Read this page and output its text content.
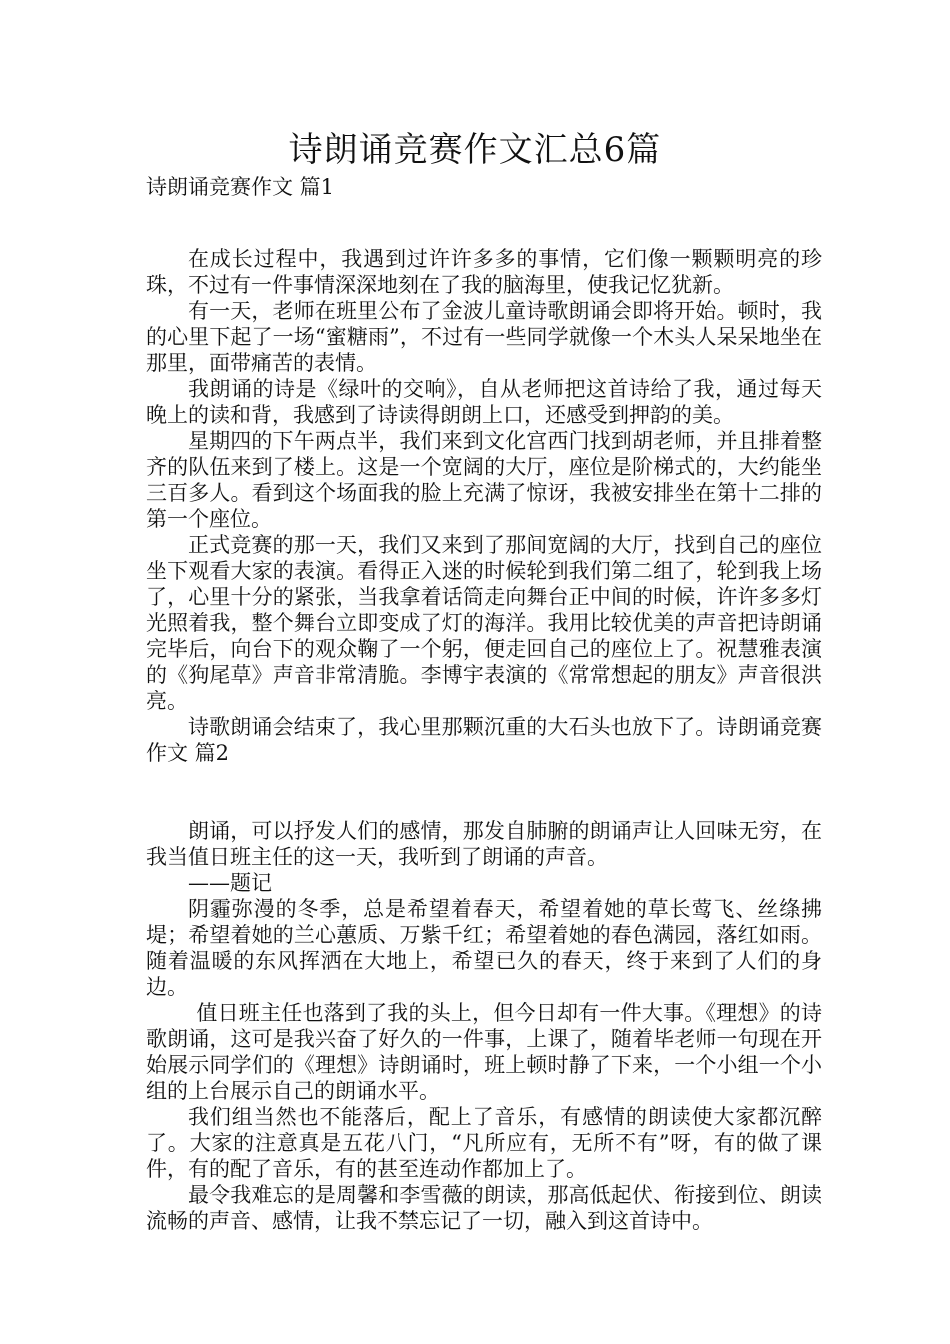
诗朗诵竞赛作文汇总6篇
诗朗诵竞赛作文 篇1

在成长过程中，我遇到过许许多多的事情，它们像一颗颗明亮的珍珠，不过有一件事情深深地刻在了我的脑海里，使我记忆犹新。

有一天，老师在班里公布了金波儿童诗歌朗诵会即将开始。顿时，我的心里下起了一场“蜜糖雨”，不过有一些同学就像一个木头人呆呆地坐在那里，面带痛苦的表情。

我朗诵的诗是《绿叶的交响》，自从老师把这首诗给了我，通过每天晚上的读和背，我感到了诗读得朗朗上口，还感受到押韵的美。

星期四的下午两点半，我们来到文化宫西门找到胡老师，并且排着整齐的队伍来到了楼上。这是一个宽阔的大厅，座位是阶梯式的，大约能坐三百多人。看到这个场面我的脸上充满了惊讶，我被安排坐在第十二排的第一个座位。

正式竞赛的那一天，我们又来到了那间宽阔的大厅，找到自己的座位坐下观看大家的表演。看得正入迷的时候轮到我们第二组了，轮到我上场了，心里十分的紧张，当我拿着话筒走向舞台正中间的时候，许许多多灯光照着我，整个舞台立即变成了灯的海洋。我用比较优美的声音把诗朗诵完毕后，向台下的观众鞠了一个躬，便走回自己的座位上了。祝慧雅表演的《狗尾草》声音非常清脆。李博宇表演的《常常想起的朋友》声音很洪亮。

诗歌朗诵会结束了，我心里那颗沉重的大石头也放下了。诗朗诵竞赛作文 篇2

朗诵，可以抒发人们的感情，那发自肺腑的朗诵声让人回味无穷，在我当值日班主任的这一天，我听到了朗诵的声音。

——题记

阴霾弥漫的冬季，总是希望着春天，希望着她的草长莺飞、丝绦拂堤；希望着她的兰心蕙质、万紫千红；希望着她的春色满园，落红如雨。随着温暖的东风挥洒在大地上，希望已久的春天，终于来到了人们的身边。

值日班主任也落到了我的头上，但今日却有一件大事。《理想》的诗歌朗诵，这可是我兴奋了好久的一件事，上课了，随着毕老师一句现在开始展示同学们的《理想》诗朗诵时，班上顿时静了下来，一个小组一个小组的上台展示自己的朗诵水平。

我们组当然也不能落后，配上了音乐，有感情的朗读使大家都沉醉了。大家的注意真是五花八门，“凡所应有，无所不有”呀，有的做了课件，有的配了音乐，有的甚至连动作都加上了。

最令我难忘的是周馨和李雪薇的朗读，那高低起伏、衔接到位、朗读流畅的声音、感情，让我不禁忘记了一切，融入到这首诗中。
